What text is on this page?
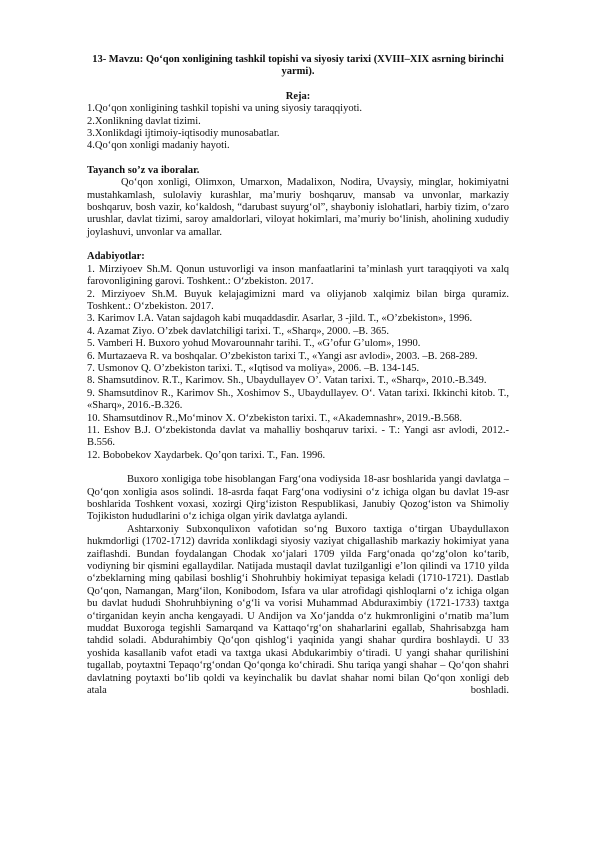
13- Mavzu: Qo‘qon xonligining tashkil topishi va siyosiy tarixi (XVIII–XIX asrning birinchi yarmi).

Reja:

1.Qo‘qon xonligining tashkil topishi va uning siyosiy taraqqiyoti.

2.Xonlikning davlat tizimi.

3.Xonlikdagi ijtimoiy-iqtisodiy munosabatlar.

4.Qo‘qon xonligi madaniy hayoti.

Tayanch so’z va iboralar.

Qo‘qon xonligi, Olimxon, Umarxon, Madalixon, Nodira, Uvaysiy, minglar, hokimiyatni mustahkamlash, sulolaviy kurashlar, ma’muriy boshqaruv, mansab va unvonlar, markaziy boshqaruv, bosh vazir, ko‘kaldosh, “darubast suyurg‘ol”, shayboniy islohatlari, harbiy tizim, o‘zaro urushlar, davlat tizimi, saroy amaldorlari, viloyat hokimlari, ma’muriy bo‘linish, aholining xududiy joylashuvi, unvonlar va amallar.

Adabiyotlar:

1. Mirziyoev Sh.M. Qonun ustuvorligi va inson manfaatlarini ta’minlash yurt taraqqiyoti va xalq farovonligining garovi. Toshkent.: O‘zbekiston. 2017.

2. Mirziyoev Sh.M. Buyuk kelajagimizni mard va oliyjanob xalqimiz bilan birga quramiz. Toshkent.: O‘zbekiston. 2017.

3. Karimov I.A. Vatan sajdagoh kabi muqaddasdir. Asarlar, 3 -jild. T., «O’zbekiston», 1996.

4. Azamat Ziyo. O’zbek davlatchiligi tarixi. T., «Sharq», 2000. –B. 365.

5. Vamberi H. Buxoro yohud Movarounnahr tarihi. T., «G’ofur G’ulom», 1990.

6. Murtazaeva R. va boshqalar. O’zbekiston tarixi T., «Yangi asr avlodi», 2003. –B. 268-289.

7. Usmonov Q. O’zbekiston tarixi. T., «Iqtisod va moliya», 2006. –B. 134-145.

8. Shamsutdinov. R.T., Karimov. Sh., Ubaydullayev O’. Vatan tarixi. T., «Sharq», 2010.-B.349.

9. Shamsutdinov R., Karimov Sh., Xoshimov S., Ubaydullayev. O‘. Vatan tarixi. Ikkinchi kitob. T., «Sharq», 2016.-B.326.

10. Shamsutdinov R.,Mo‘minov X. O‘zbekiston tarixi. T., «Akademnashr», 2019.-B.568.

11. Eshov B.J. O‘zbekistonda davlat va mahalliy boshqaruv tarixi. - T.: Yangi asr avlodi, 2012.-B.556.

12. Bobobekov Xaydarbek. Qo’qon tarixi. T., Fan. 1996.

Buxoro xonligiga tobe hisoblangan Farg‘ona vodiysida 18-asr boshlarida yangi davlatga – Qo‘qon xonligia asos solindi. 18-asrda faqat Farg‘ona vodiysini o‘z ichiga olgan bu davlat 19-asr boshlarida Toshkent voxasi, xozirgi Qirg‘iziston Respublikasi, Janubiy Qozog‘iston va Shimoliy Tojikiston hududlarini o‘z ichiga olgan yirik davlatga aylandi.

Ashtarxoniy Subxonqulixon vafotidan so‘ng Buxoro taxtiga o‘tirgan Ubaydullaxon hukmdorligi (1702-1712) davrida xonlikdagi siyosiy vaziyat chigallashib markaziy hokimiyat yana zaiflashdi. Bundan foydalangan Chodak xo‘jalari 1709 yilda Farg‘onada qo‘zg‘olon ko‘tarib, vodiyning bir qismini egallaydilar. Natijada mustaqil davlat tuzilganligi e’lon qilindi va 1710 yilda o‘zbeklarning ming qabilasi boshlig‘i Shohruhbiy hokimiyat tepasiga keladi (1710-1721). Dastlab Qo‘qon, Namangan, Marg‘ilon, Konibodom, Isfara va ular atrofidagi qishloqlarni o‘z ichiga olgan bu davlat hududi Shohruhbiyning o‘g‘li va vorisi Muhammad Abduraximbiy (1721-1733) taxtga o‘tirganidan keyin ancha kengayadi. U Andijon va Xo‘jandda o‘z hukmronligini o‘rnatib ma’lum muddat Buxoroga tegishli Samarqand va Kattaqo‘rg‘on shaharlarini egallab, Shahrisabzga ham tahdid soladi. Abdurahimbiy Qo‘qon qishlog‘i yaqinida yangi shahar qurdira boshlaydi. U 33 yoshida kasallanib vafot etadi va taxtga ukasi Abdukarimbiy o‘tiradi. U yangi shahar qurilishini tugallab, poytaxtni Tepaqo‘rg‘ondan Qo‘qonga ko‘chiradi. Shu tariqa yangi shahar – Qo‘qon shahri davlatning poytaxti bo‘lib qoldi va keyinchalik bu davlat shahar nomi bilan Qo‘qon xonligi deb atala boshladi.
